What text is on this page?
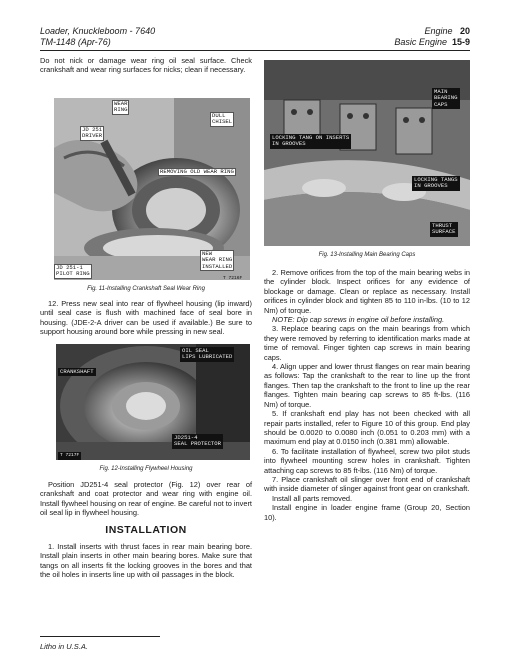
Loader, Knuckleboom - 7640
TM-1148 (Apr-76)
Engine 20
Basic Engine 15-9

Do not nick or damage wear ring oil seal surface. Check crankshaft and wear ring surfaces for nicks; clean if necessary.

WEAR
RING
DULL
CHISEL
JD 251
DRIVER
REMOVING OLD WEAR RING
NEW
WEAR RING
INSTALLED
JD 251-1
PILOT RING
T 7216F

Fig. 11-Installing Crankshaft Seal Wear Ring

12. Press new seal into rear of flywheel housing (lip inward) until seal case is flush with machined face of seal bore in housing. (JDE-2-A driver can be used if available.) Be sure to support housing around bore while pressing in new seal.

OIL SEAL
LIPS LUBRICATED
CRANKSHAFT
JD251-4
SEAL PROTECTOR
T 7217F

Fig. 12-Installing Flywheel Housing

Position JD251-4 seal protector (Fig. 12) over rear of crankshaft and coat protector and wear ring with engine oil. Install flywheel housing on rear of engine. Be careful not to invert oil seal lip in flywheel housing.

INSTALLATION

1. Install inserts with thrust faces in rear main bearing bore. Install plain inserts in other main bearing bores. Make sure that tangs on all inserts fit the locking grooves in the bores and that the oil holes in inserts line up with oil passages in the block.

MAIN
BEARING
CAPS
LOCKING TANG ON INSERTS
IN GROOVES
LOCKING TANGS
IN GROOVES
THRUST
SURFACE

Fig. 13-Installing Main Bearing Caps

2. Remove orifices from the top of the main bearing webs in the cylinder block. Inspect orifices for any evidence of blockage or damage. Clean or replace as necessary. Install orifices in cylinder block and tighten 85 to 110 in-lbs. (10 to 12 Nm) of torque.

NOTE: Dip cap screws in engine oil before installing.

3. Replace bearing caps on the main bearings from which they were removed by referring to identification marks made at time of removal. Finger tighten cap screws in main bearing caps.

4. Align upper and lower thrust flanges on rear main bearing as follows: Tap the crankshaft to the rear to line up the front flanges. Then tap the crankshaft to the front to line up the rear flanges. Tighten main bearing cap screws to 85 ft-lbs. (116 Nm) of torque.

5. If crankshaft end play has not been checked with all repair parts installed, refer to Figure 10 of this group. End play should be 0.0020 to 0.0080 inch (0.051 to 0.203 mm) with a maximum end play at 0.0150 inch (0.381 mm) allowable.

6. To facilitate installation of flywheel, screw two pilot studs into flywheel mounting screw holes in crankshaft. Tighten attaching cap screws to 85 ft-lbs. (116 Nm) of torque.

7. Place crankshaft oil slinger over front end of crankshaft with inside diameter of slinger against front gear on crankshaft.

Install all parts removed.

Install engine in loader engine frame (Group 20, Section 10).

Litho in U.S.A.
